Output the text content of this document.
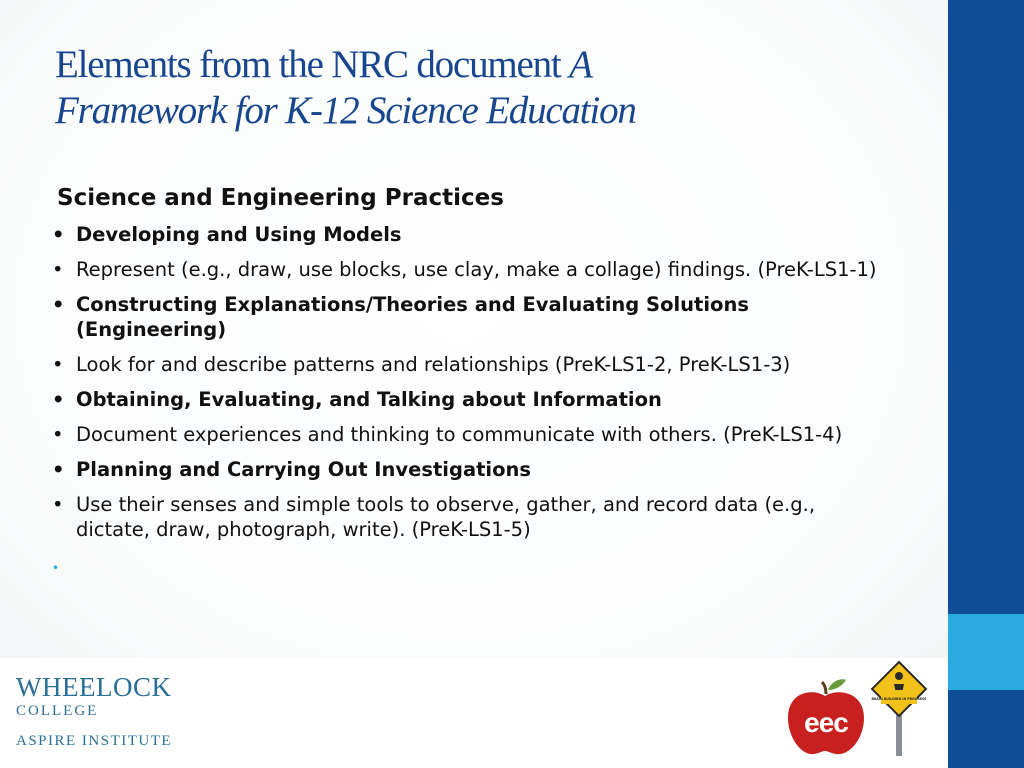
Elements from the NRC document A
Framework for K-12 Science Education

Science and Engineering Practices

• Developing and Using Models
• Represent (e.g., draw, use blocks, use clay, make a collage) findings. (PreK-LS1-1)
• Constructing Explanations/Theories and Evaluating Solutions (Engineering)
• Look for and describe patterns and relationships (PreK-LS1-2, PreK-LS1-3)
• Obtaining, Evaluating, and Talking about Information
• Document experiences and thinking to communicate with others. (PreK-LS1-4)
• Planning and Carrying Out Investigations
• Use their senses and simple tools to observe, gather, and record data (e.g., dictate, draw, photograph, write). (PreK-LS1-5)
•
WHEELOCK
COLLEGE
ASPIRE INSTITUTE
eec
BRAIN BUILDING IN PROGRESS
